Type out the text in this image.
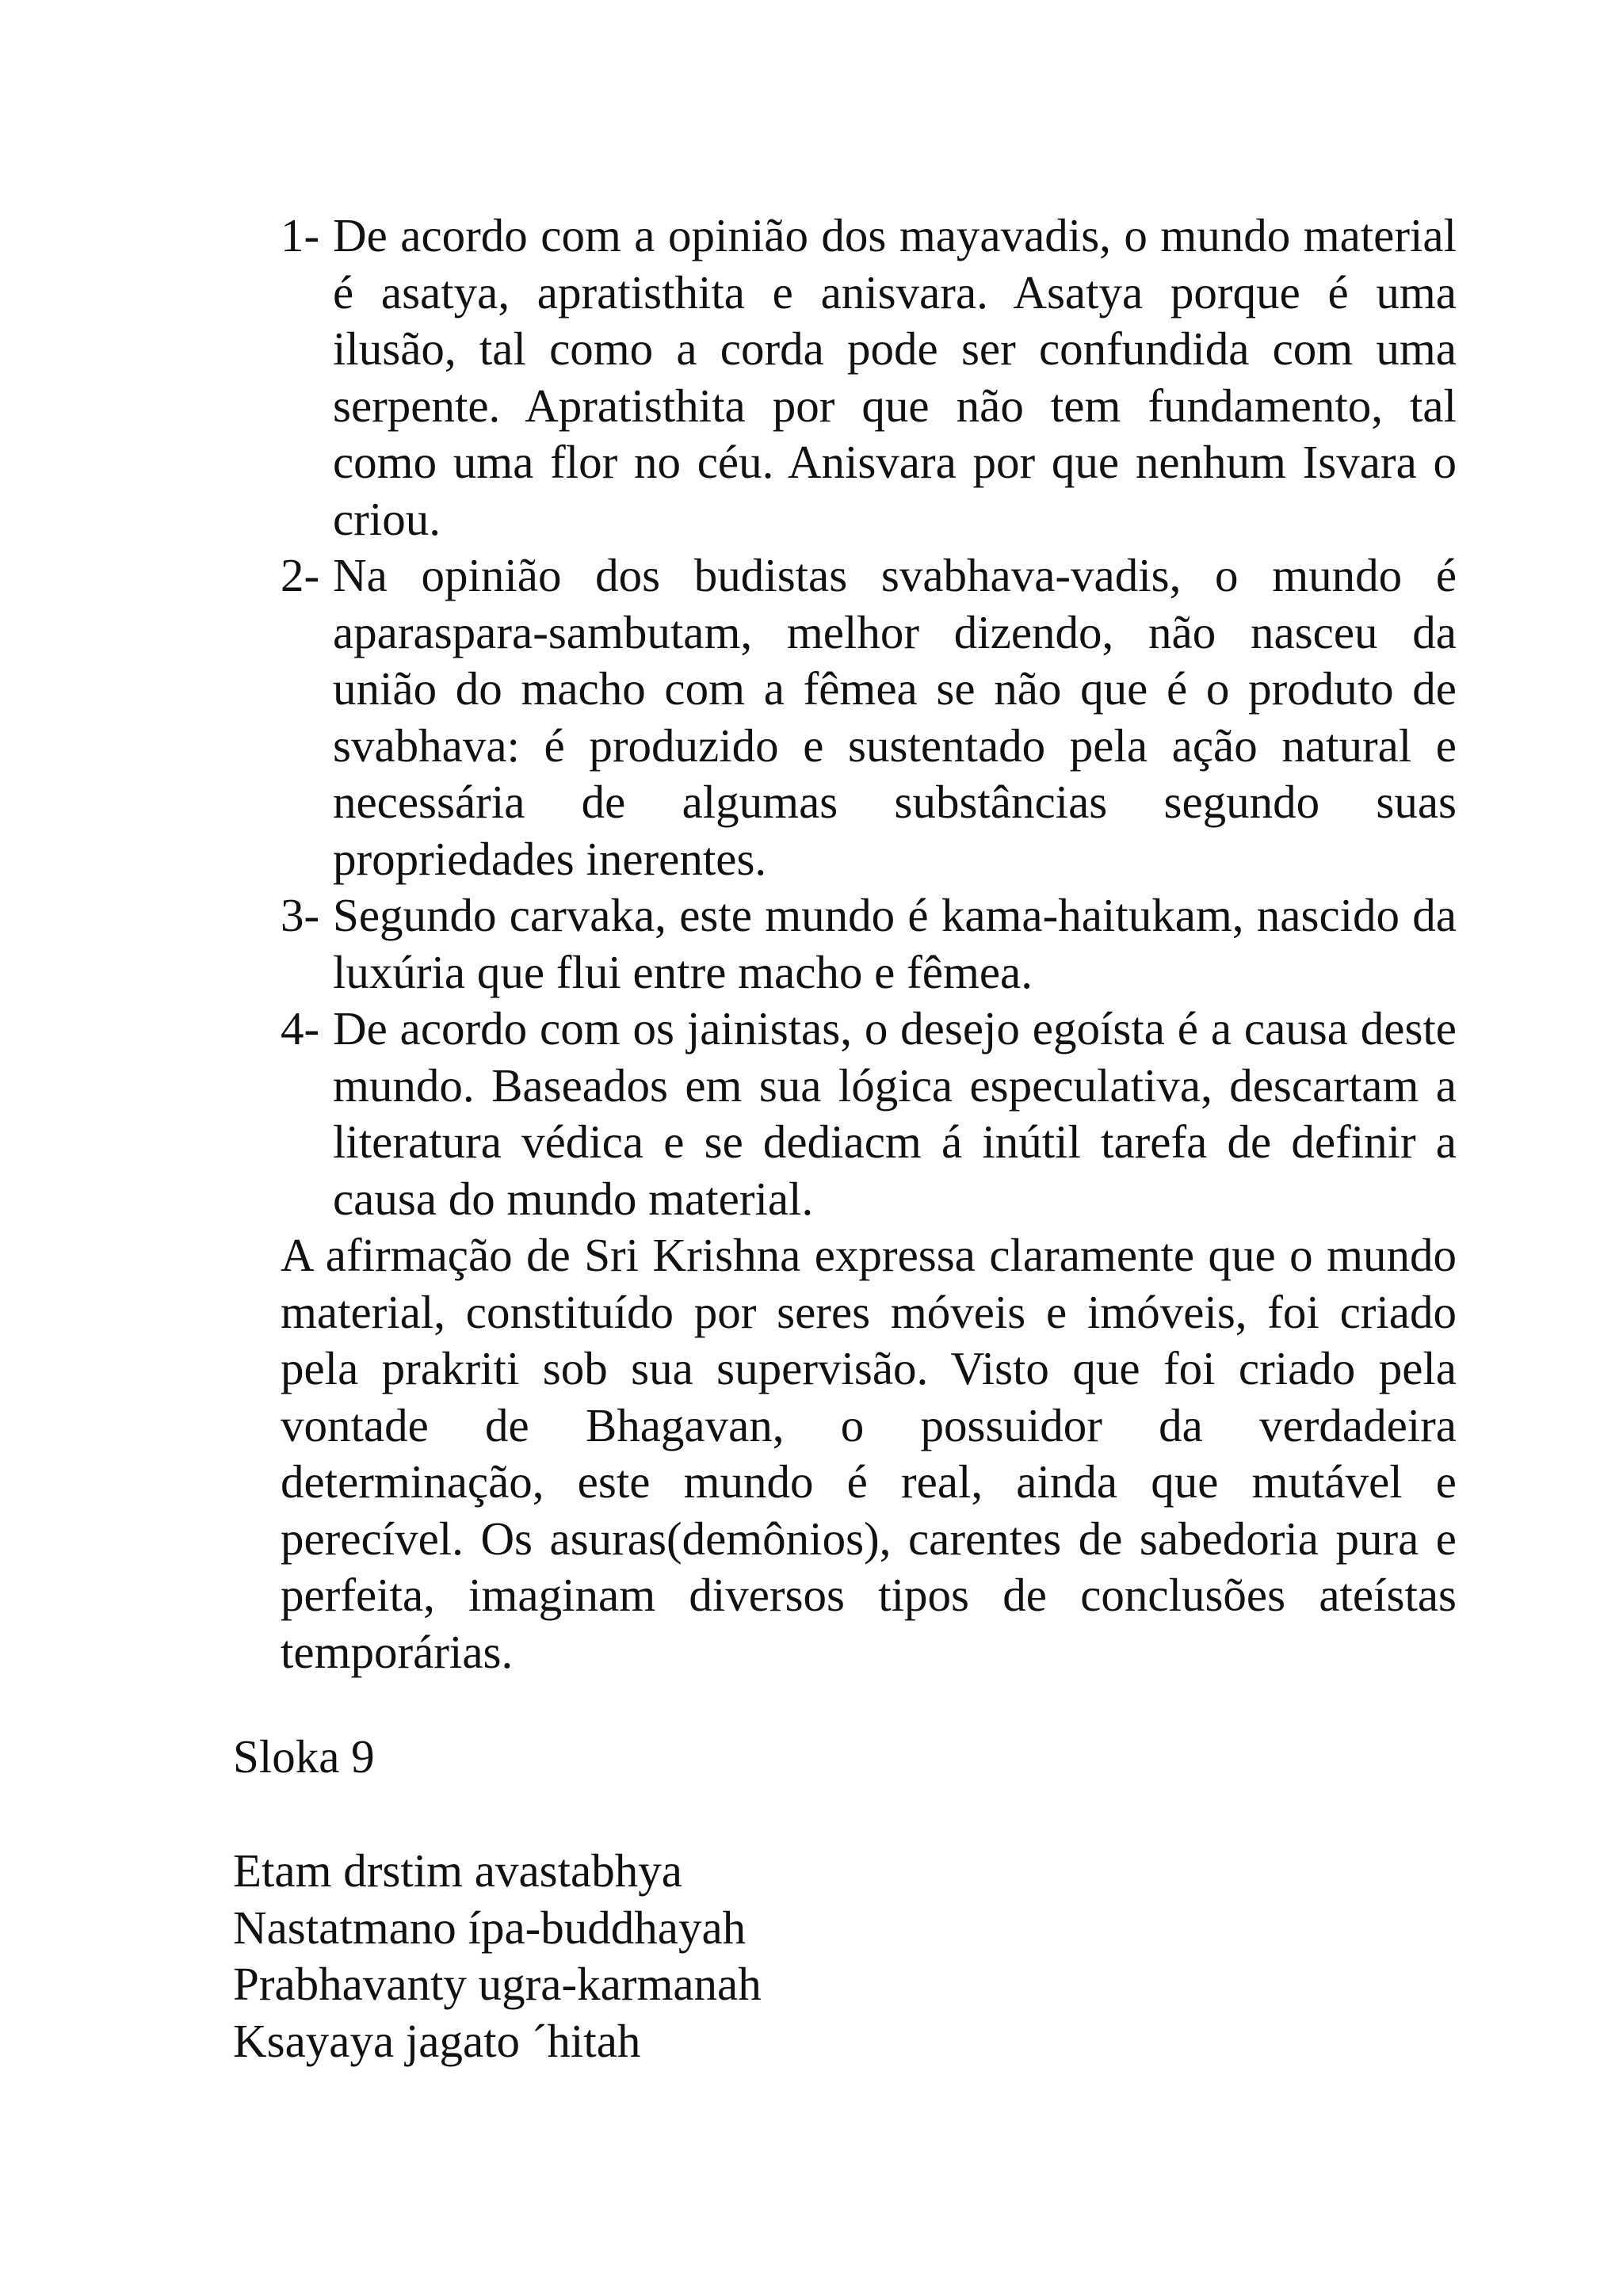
1- De acordo com a opinião dos mayavadis, o mundo material é asatya, apratisthita e anisvara. Asatya porque é uma ilusão, tal como a corda pode ser confundida com uma serpente. Apratisthita por que não tem fundamento, tal como uma flor no céu. Anisvara por que nenhum Isvara o criou.
2- Na opinião dos budistas svabhava-vadis, o mundo é aparaspara-sambutam, melhor dizendo, não nasceu da união do macho com a fêmea se não que é o produto de svabhava: é produzido e sustentado pela ação natural e necessária de algumas substâncias segundo suas propriedades inerentes.
3- Segundo carvaka, este mundo é kama-haitukam, nascido da luxúria que flui entre macho e fêmea.
4- De acordo com os jainistas, o desejo egoísta é a causa deste mundo. Baseados em sua lógica especulativa, descartam a literatura védica e se dediacm á inútil tarefa de definir a causa do mundo material.

A afirmação de Sri Krishna expressa claramente que o mundo material, constituído por seres móveis e imóveis, foi criado pela prakriti sob sua supervisão. Visto que foi criado pela vontade de Bhagavan, o possuidor da verdadeira determinação, este mundo é real, ainda que mutável e perecível. Os asuras(demônios), carentes de sabedoria pura e perfeita, imaginam diversos tipos de conclusões ateístas temporárias.

Sloka 9
Etam drstim avastabhya
Nastatmano ípa-buddhayah
Prabhavanty ugra-karmanah
Ksayaya jagato ´hitah
